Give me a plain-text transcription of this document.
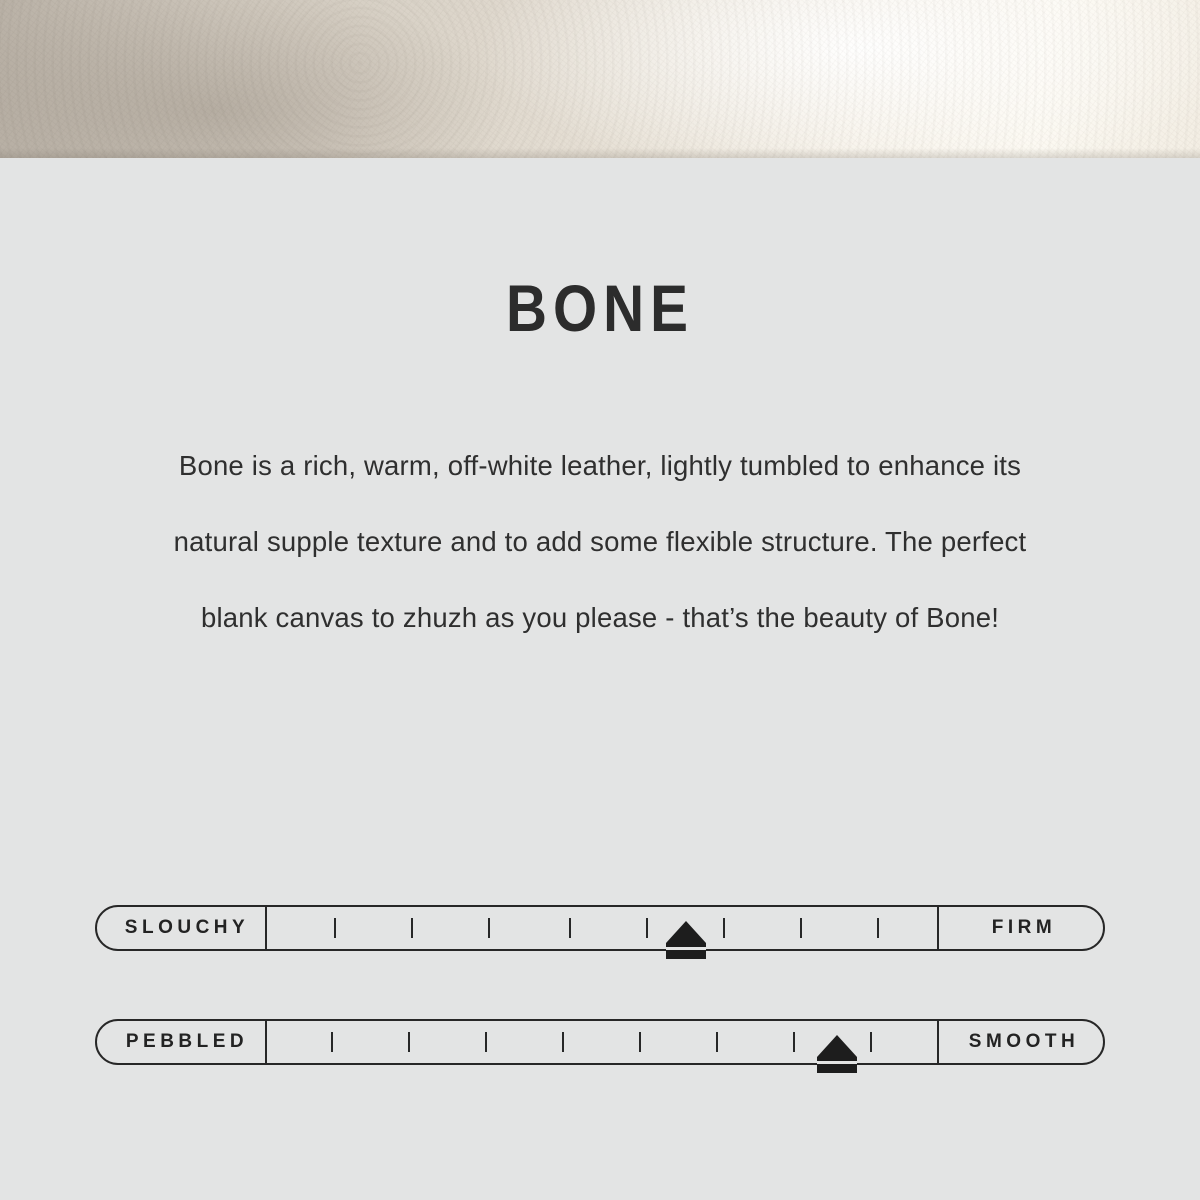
BONE
Bone is a rich, warm, off-white leather, lightly tumbled to enhance its natural supple texture and to add some flexible structure. The perfect blank canvas to zhuzh as you please - that’s the beauty of Bone!
SLOUCHY	FIRM
PEBBLED	SMOOTH
